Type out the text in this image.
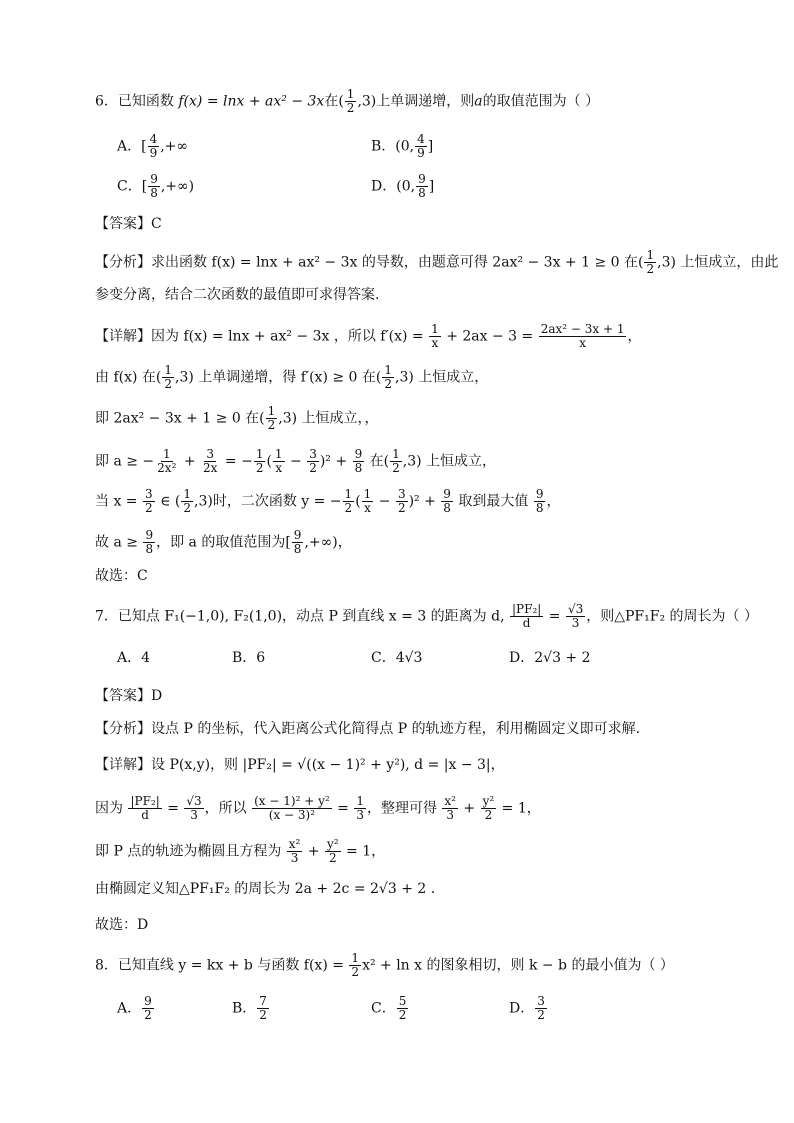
6．已知函数 f(x) = lnx + ax² − 3x在( $\frac{1}{2} ,3$)上单调递增，则a的取值范围为（ ）
A．[ $\frac{4}{9}$ ,+∞	B．(0, $\frac{4}{9}$ ]
C．[ $\frac{9}{8}$ ,+∞)	D．(0, $\frac{9}{8}$ ]
【答案】C
【分析】求出函数 f(x) = lnx + ax² − 3x 的导数，由题意可得 2ax² − 3x + 1 ≥ 0 在( $\frac{1}{2} ,3$) 上恒成立，由此
参变分离，结合二次函数的最值即可求得答案.
【详解】因为 f(x) = lnx + ax² − 3x ，所以 $f'(x) = \frac{1}{x} + 2ax - 3 = \frac{\text{2ax² − 3x + 1}}{x}$ ，
由 f(x) 在( $\frac{1}{2} ,3$) 上单调递增，得 f′(x) ≥ 0 在( $\frac{1}{2} ,3$) 上恒成立，
即 2ax² − 3x + 1 ≥ 0 在( $\frac{1}{2} ,3$) 上恒成立，，
即 a ≥ − $\frac{1}{\text{2x²}} + \frac{3}{2x}$ = − $\frac{1}{2}$ ( $\frac{1}{x} - \frac{3}{2} )^2 + \frac{9}{8}$ 在( $\frac{1}{2} ,3$) 上恒成立，
当 $x = \frac{3}{2}$ ∈ ( $\frac{1}{2} ,3$)时，二次函数 y = − $\frac{1}{2}$ ( $\frac{1}{x} - \frac{3}{2} )^2 + \frac{9}{8}$ 取到最大值 $\frac{9}{8}$ ，
故 $a \ge \frac{9}{8}$ ，即 a 的取值范围为[ $\frac{9}{8}$ ,+∞)，
故选：C
7．已知点 F₁(−1,0), F₂(1,0)，动点 P 到直线 x = 3 的距离为 d, $\frac{\text{|PF₂|}}{d} = \frac{√3}{3}$ ，则△PF₁F₂ 的周长为（ ）
A．4	B．6	C．4√3	D．2√3 + 2
【答案】D
【分析】设点 P 的坐标，代入距离公式化简得点 P 的轨迹方程，利用椭圆定义即可求解.
【详解】设 P(x,y)，则 |PF₂| = √((x − 1)² + y²), d = |x − 3|，
因为 $\frac{\text{|PF₂|}}{d} = \frac{√3}{3}$ ，所以 $\frac{\text{(x − 1)² + y²}}{\text{(x − 3)²}} = \frac{1}{3}$ ，整理可得 $\frac{\text{x²}}{3} + \frac{\text{y²}}{2} = 1$，
即 P 点的轨迹为椭圆且方程为 $\frac{\text{x²}}{3} + \frac{\text{y²}}{2} = 1$，
由椭圆定义知△PF₁F₂ 的周长为 2a + 2c = 2√3 + 2 .
故选：D
8．已知直线 y = kx + b 与函数 $f(x) = \frac{1}{2} x^2 + \ln x$ 的图象相切，则 k − b 的最小值为（ ）
A． $\frac{9}{2}$	B． $\frac{7}{2}$	C． $\frac{5}{2}$	D． $\frac{3}{2}$
